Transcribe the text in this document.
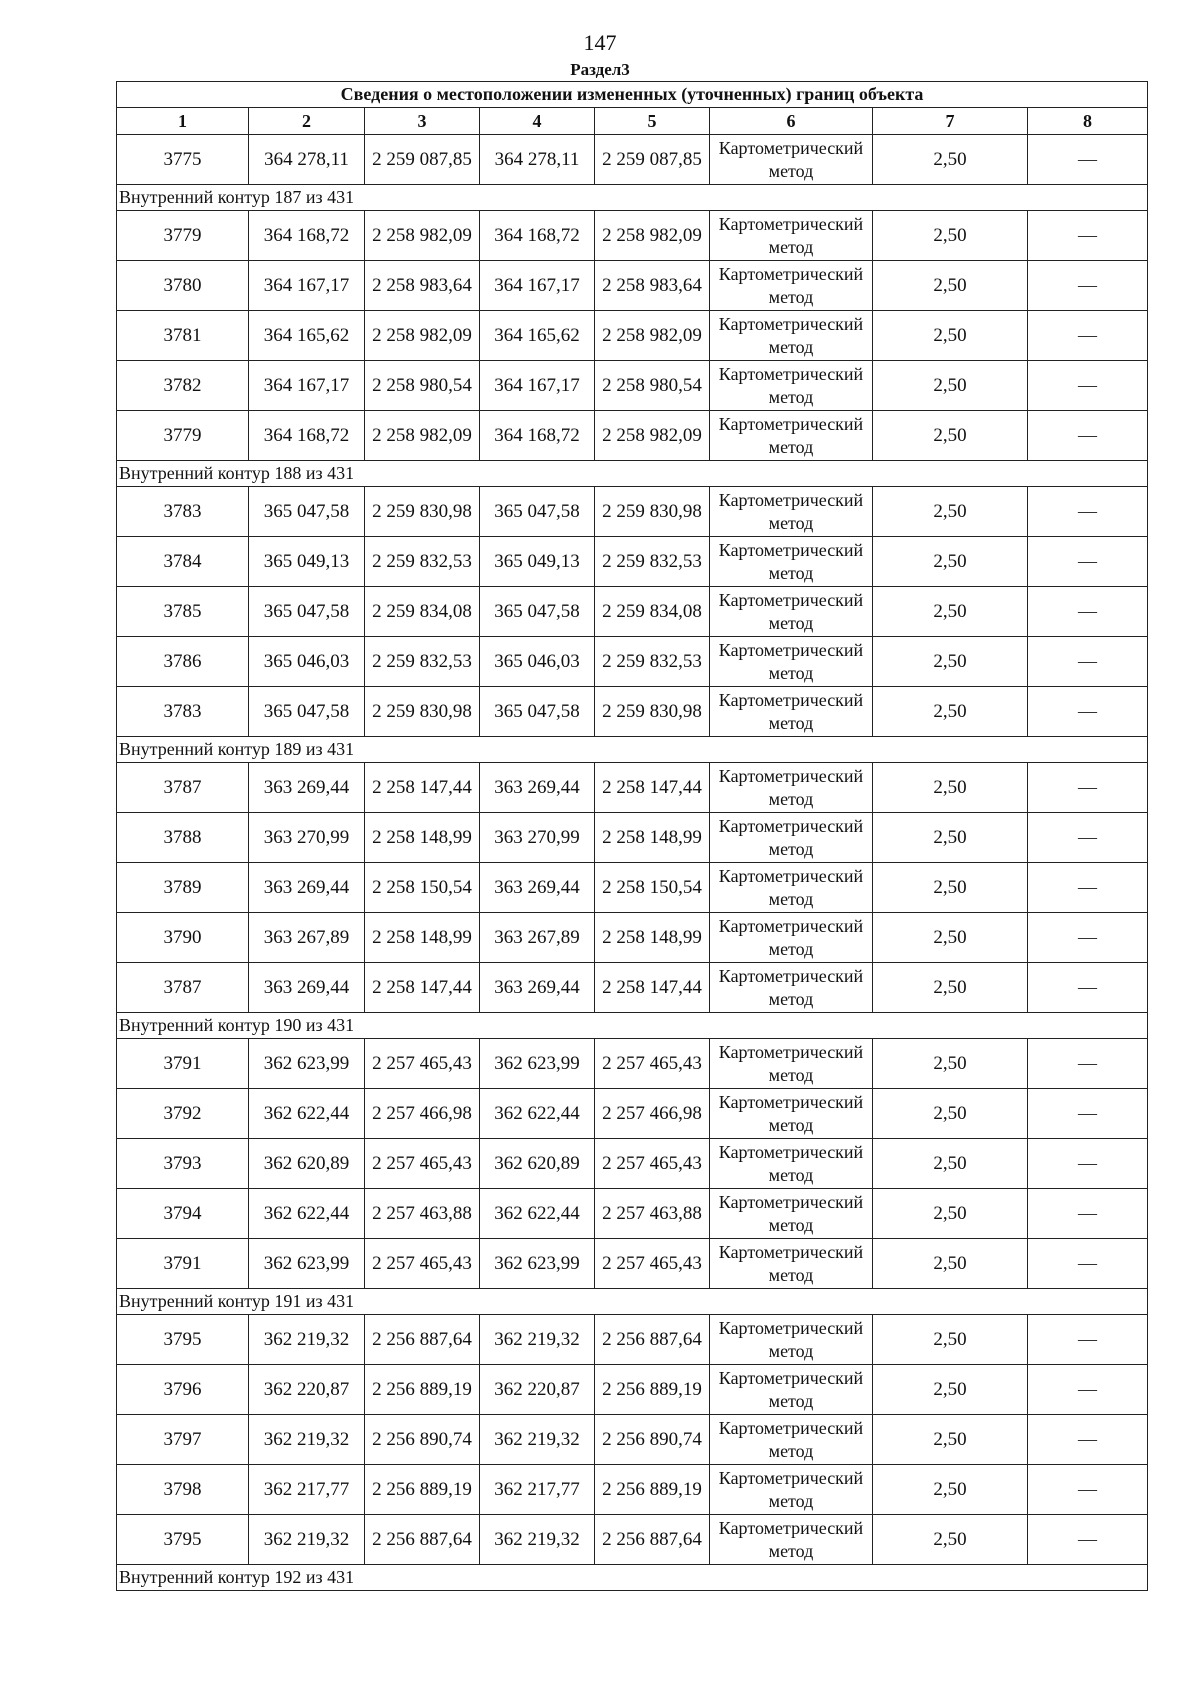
147
Раздел3
Сведения о местоположении измененных (уточненных) границ объекта							
1	2	3	4	5	6	7	8
3775	364 278,11	2 259 087,85	364 278,11	2 259 087,85	Картометрический метод	2,50	—
Внутренний контур 187 из 431							
3779	364 168,72	2 258 982,09	364 168,72	2 258 982,09	Картометрический метод	2,50	—
3780	364 167,17	2 258 983,64	364 167,17	2 258 983,64	Картометрический метод	2,50	—
3781	364 165,62	2 258 982,09	364 165,62	2 258 982,09	Картометрический метод	2,50	—
3782	364 167,17	2 258 980,54	364 167,17	2 258 980,54	Картометрический метод	2,50	—
3779	364 168,72	2 258 982,09	364 168,72	2 258 982,09	Картометрический метод	2,50	—
Внутренний контур 188 из 431							
3783	365 047,58	2 259 830,98	365 047,58	2 259 830,98	Картометрический метод	2,50	—
3784	365 049,13	2 259 832,53	365 049,13	2 259 832,53	Картометрический метод	2,50	—
3785	365 047,58	2 259 834,08	365 047,58	2 259 834,08	Картометрический метод	2,50	—
3786	365 046,03	2 259 832,53	365 046,03	2 259 832,53	Картометрический метод	2,50	—
3783	365 047,58	2 259 830,98	365 047,58	2 259 830,98	Картометрический метод	2,50	—
Внутренний контур 189 из 431							
3787	363 269,44	2 258 147,44	363 269,44	2 258 147,44	Картометрический метод	2,50	—
3788	363 270,99	2 258 148,99	363 270,99	2 258 148,99	Картометрический метод	2,50	—
3789	363 269,44	2 258 150,54	363 269,44	2 258 150,54	Картометрический метод	2,50	—
3790	363 267,89	2 258 148,99	363 267,89	2 258 148,99	Картометрический метод	2,50	—
3787	363 269,44	2 258 147,44	363 269,44	2 258 147,44	Картометрический метод	2,50	—
Внутренний контур 190 из 431							
3791	362 623,99	2 257 465,43	362 623,99	2 257 465,43	Картометрический метод	2,50	—
3792	362 622,44	2 257 466,98	362 622,44	2 257 466,98	Картометрический метод	2,50	—
3793	362 620,89	2 257 465,43	362 620,89	2 257 465,43	Картометрический метод	2,50	—
3794	362 622,44	2 257 463,88	362 622,44	2 257 463,88	Картометрический метод	2,50	—
3791	362 623,99	2 257 465,43	362 623,99	2 257 465,43	Картометрический метод	2,50	—
Внутренний контур 191 из 431							
3795	362 219,32	2 256 887,64	362 219,32	2 256 887,64	Картометрический метод	2,50	—
3796	362 220,87	2 256 889,19	362 220,87	2 256 889,19	Картометрический метод	2,50	—
3797	362 219,32	2 256 890,74	362 219,32	2 256 890,74	Картометрический метод	2,50	—
3798	362 217,77	2 256 889,19	362 217,77	2 256 889,19	Картометрический метод	2,50	—
3795	362 219,32	2 256 887,64	362 219,32	2 256 887,64	Картометрический метод	2,50	—
Внутренний контур 192 из 431							
